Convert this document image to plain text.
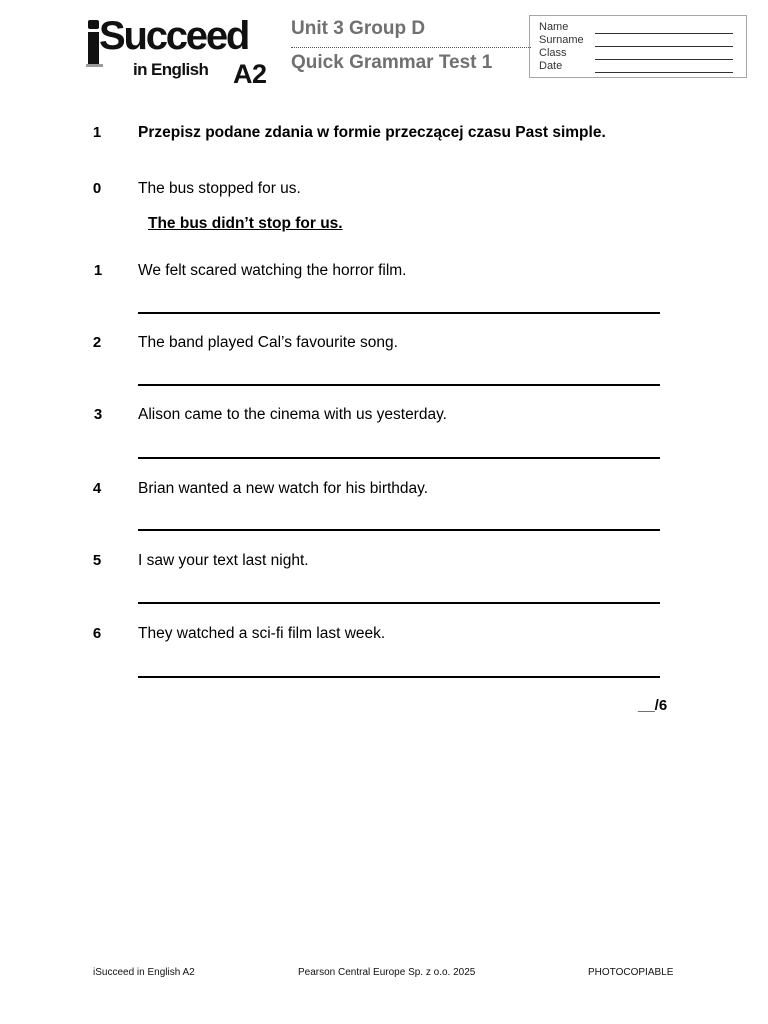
Succeed
in English A2
Unit 3 Group D
Quick Grammar Test 1
Name
Surname
Class
Date
1	Przepisz podane zdania w formie przeczącej czasu Past simple.
0	The bus stopped for us.
The bus didn’t stop for us.
1	We felt scared watching the horror film.
2	The band played Cal’s favourite song.
3	Alison came to the cinema with us yesterday.
4	Brian wanted a new watch for his birthday.
5	I saw your text last night.
6	They watched a sci-fi film last week.
__/6
iSucceed in English A2	Pearson Central Europe Sp. z o.o. 2025	PHOTOCOPIABLE
